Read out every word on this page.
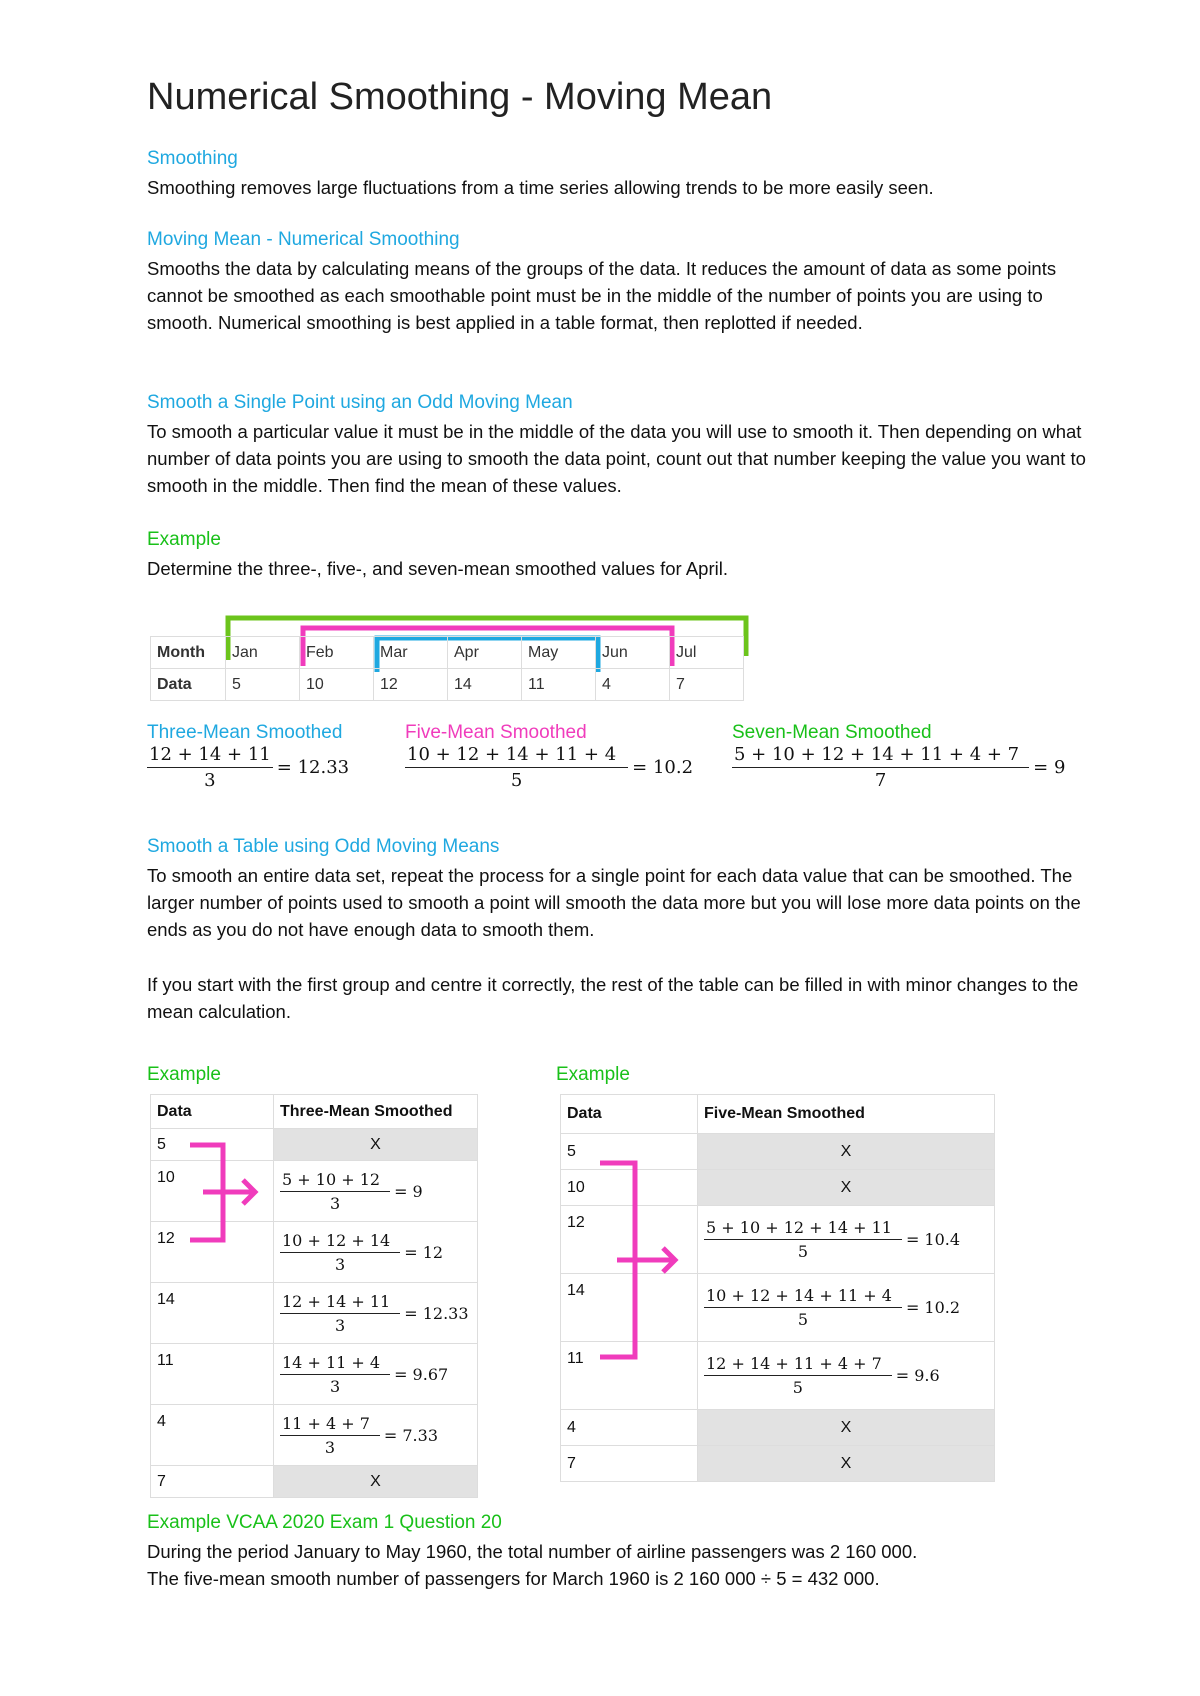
Numerical Smoothing - Moving Mean
Smoothing
Smoothing removes large fluctuations from a time series allowing trends to be more easily seen.
Moving Mean - Numerical Smoothing
Smooths the data by calculating means of the groups of the data. It reduces the amount of data as some points cannot be smoothed as each smoothable point must be in the middle of the number of points you are using to smooth. Numerical smoothing is best applied in a table format, then replotted if needed.
Smooth a Single Point using an Odd Moving Mean
To smooth a particular value it must be in the middle of the data you will use to smooth it. Then depending on what number of data points you are using to smooth the data point, count out that number keeping the value you want to smooth in the middle. Then find the mean of these values.
Example
Determine the three-, five-, and seven-mean smoothed values for April.
Month	Jan	Feb	Mar	Apr	May	Jun	Jul
Data	5	10	12	14	11	4	7
Three-Mean Smoothed
$\frac{12 + 14 + 11}{3} = 12.33$
Five-Mean Smoothed
$\frac{10 + 12 + 14 + 11 + 4}{5} = 10.2$
Seven-Mean Smoothed
$\frac{5 + 10 + 12 + 14 + 11 + 4 + 7}{7} = 9$
Smooth a Table using Odd Moving Means
To smooth an entire data set, repeat the process for a single point for each data value that can be smoothed. The larger number of points used to smooth a point will smooth the data more but you will lose more data points on the ends as you do not have enough data to smooth them.
If you start with the first group and centre it correctly, the rest of the table can be filled in with minor changes to the mean calculation.
Example	Example
Data	Three-Mean Smoothed
5	X
10	$\frac{5 + 10 + 12}{3} = 9$

12	$\frac{10 + 12 + 14}{3} = 12$

14	$\frac{12 + 14 + 11}{3} = 12.33$

11	$\frac{14 + 11 + 4}{3} = 9.67$

4	$\frac{11 + 4 + 7}{3} = 7.33$

7	X
Data	Five-Mean Smoothed
5	X
10	X
12	$\frac{5 + 10 + 12 + 14 + 11}{5} = 10.4$

14	$\frac{10 + 12 + 14 + 11 + 4}{5} = 10.2$

11	$\frac{12 + 14 + 11 + 4 + 7}{5} = 9.6$

4	X
7	X
Example VCAA 2020 Exam 1 Question 20
During the period January to May 1960, the total number of airline passengers was 2 160 000.
The five-mean smooth number of passengers for March 1960 is 2 160 000 ÷ 5 = 432 000.
